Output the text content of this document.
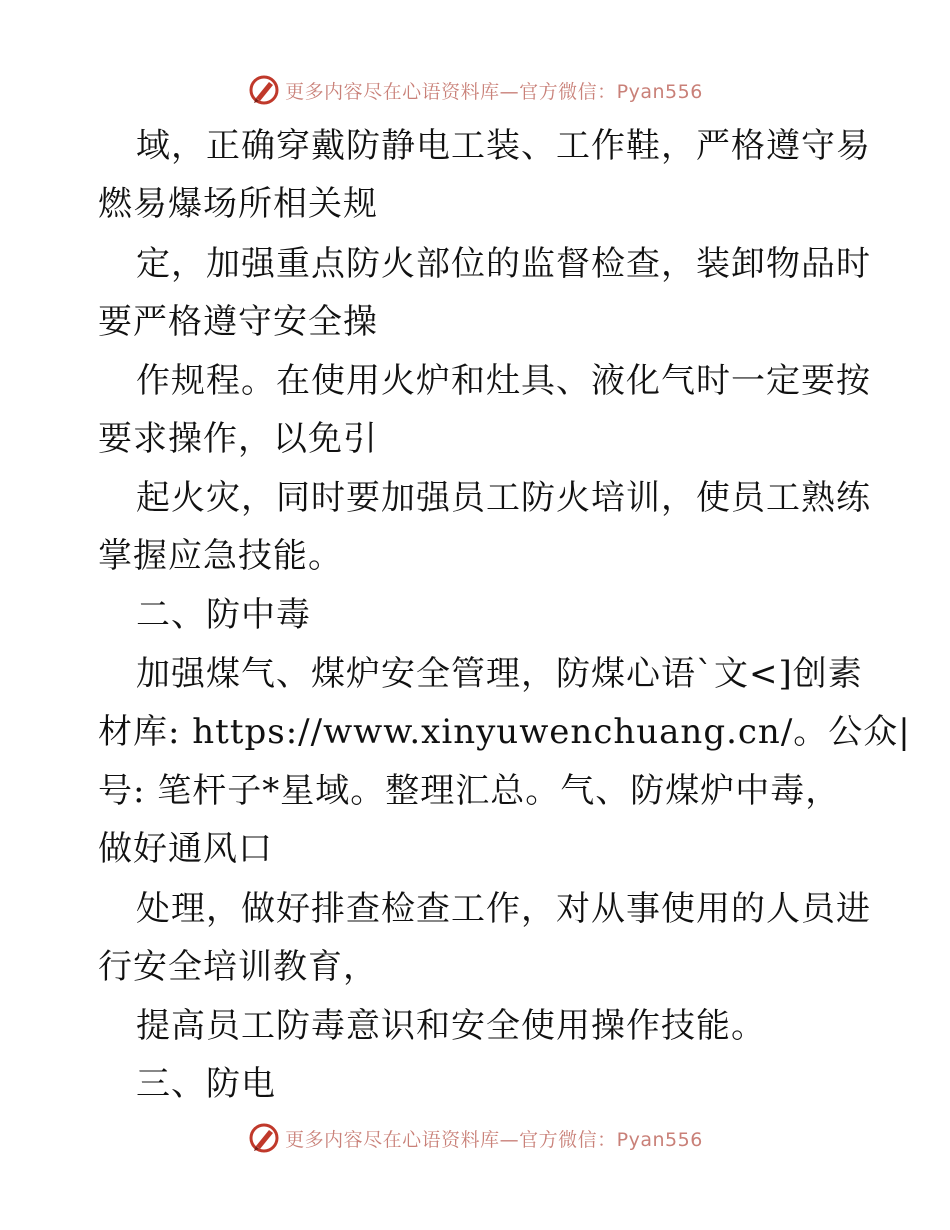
更多内容尽在心语资料库—官方微信：Pyan556
域，正确穿戴防静电工装、工作鞋，严格遵守易
燃易爆场所相关规
定，加强重点防火部位的监督检查，装卸物品时
要严格遵守安全操
作规程。在使用火炉和灶具、液化气时一定要按
要求操作，以免引
起火灾，同时要加强员工防火培训，使员工熟练
掌握应急技能。
二、防中毒
加强煤气、煤炉安全管理，防煤心语`文<]创素
材库: https://www.xinyuwenchuang.cn/。公众|
号: 笔杆子*星域。整理汇总。气、防煤炉中毒，
做好通风口
处理，做好排查检查工作，对从事使用的人员进
行安全培训教育，
提高员工防毒意识和安全使用操作技能。
三、防电
更多内容尽在心语资料库—官方微信：Pyan556
